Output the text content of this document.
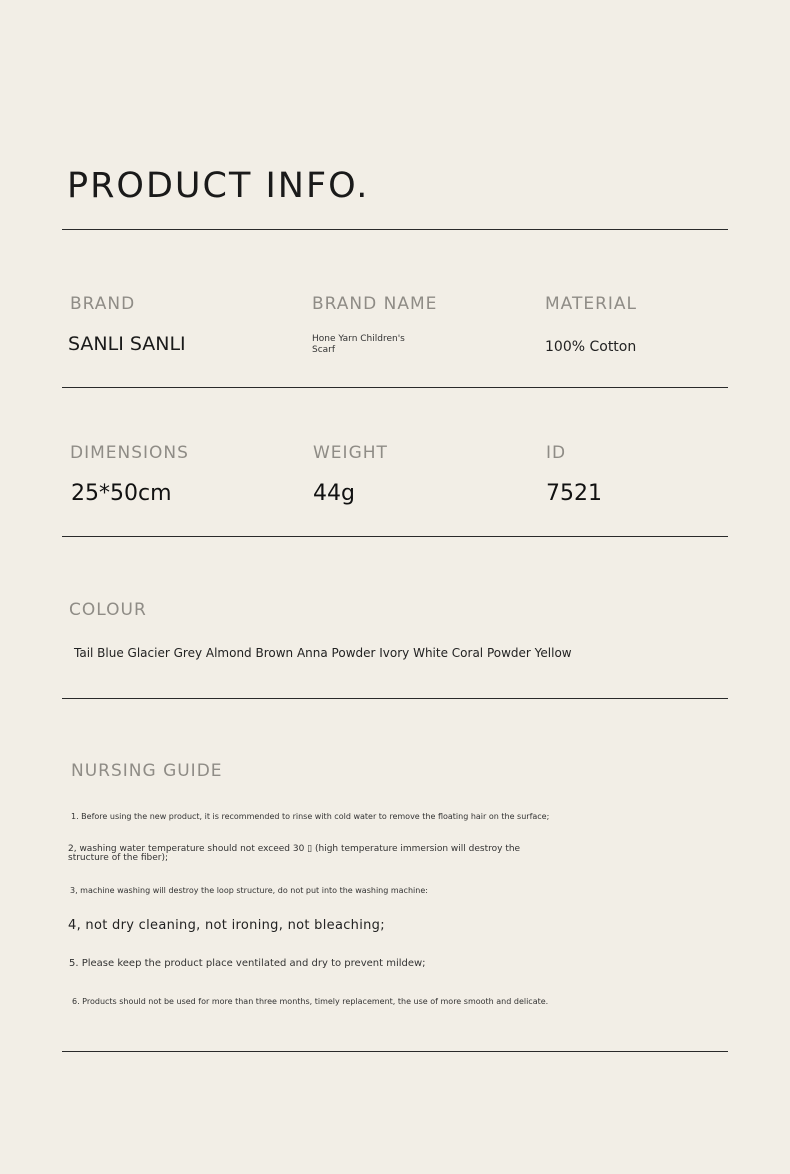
PRODUCT INFO.
BRAND
SANLI SANLI
BRAND NAME
Hone Yarn Children's Scarf
MATERIAL
100% Cotton
DIMENSIONS
25*50cm
WEIGHT
44g
ID
7521
COLOUR
Tail Blue Glacier Grey Almond Brown Anna Powder Ivory White Coral Powder Yellow
NURSING GUIDE
1. Before using the new product, it is recommended to rinse with cold water to remove the floating hair on the surface;
2, washing water temperature should not exceed 30 ▯ (high temperature immersion will destroy the structure of the fiber);
3, machine washing will destroy the loop structure, do not put into the washing machine:
4, not dry cleaning, not ironing, not bleaching;
5. Please keep the product place ventilated and dry to prevent mildew;
6. Products should not be used for more than three months, timely replacement, the use of more smooth and delicate.
